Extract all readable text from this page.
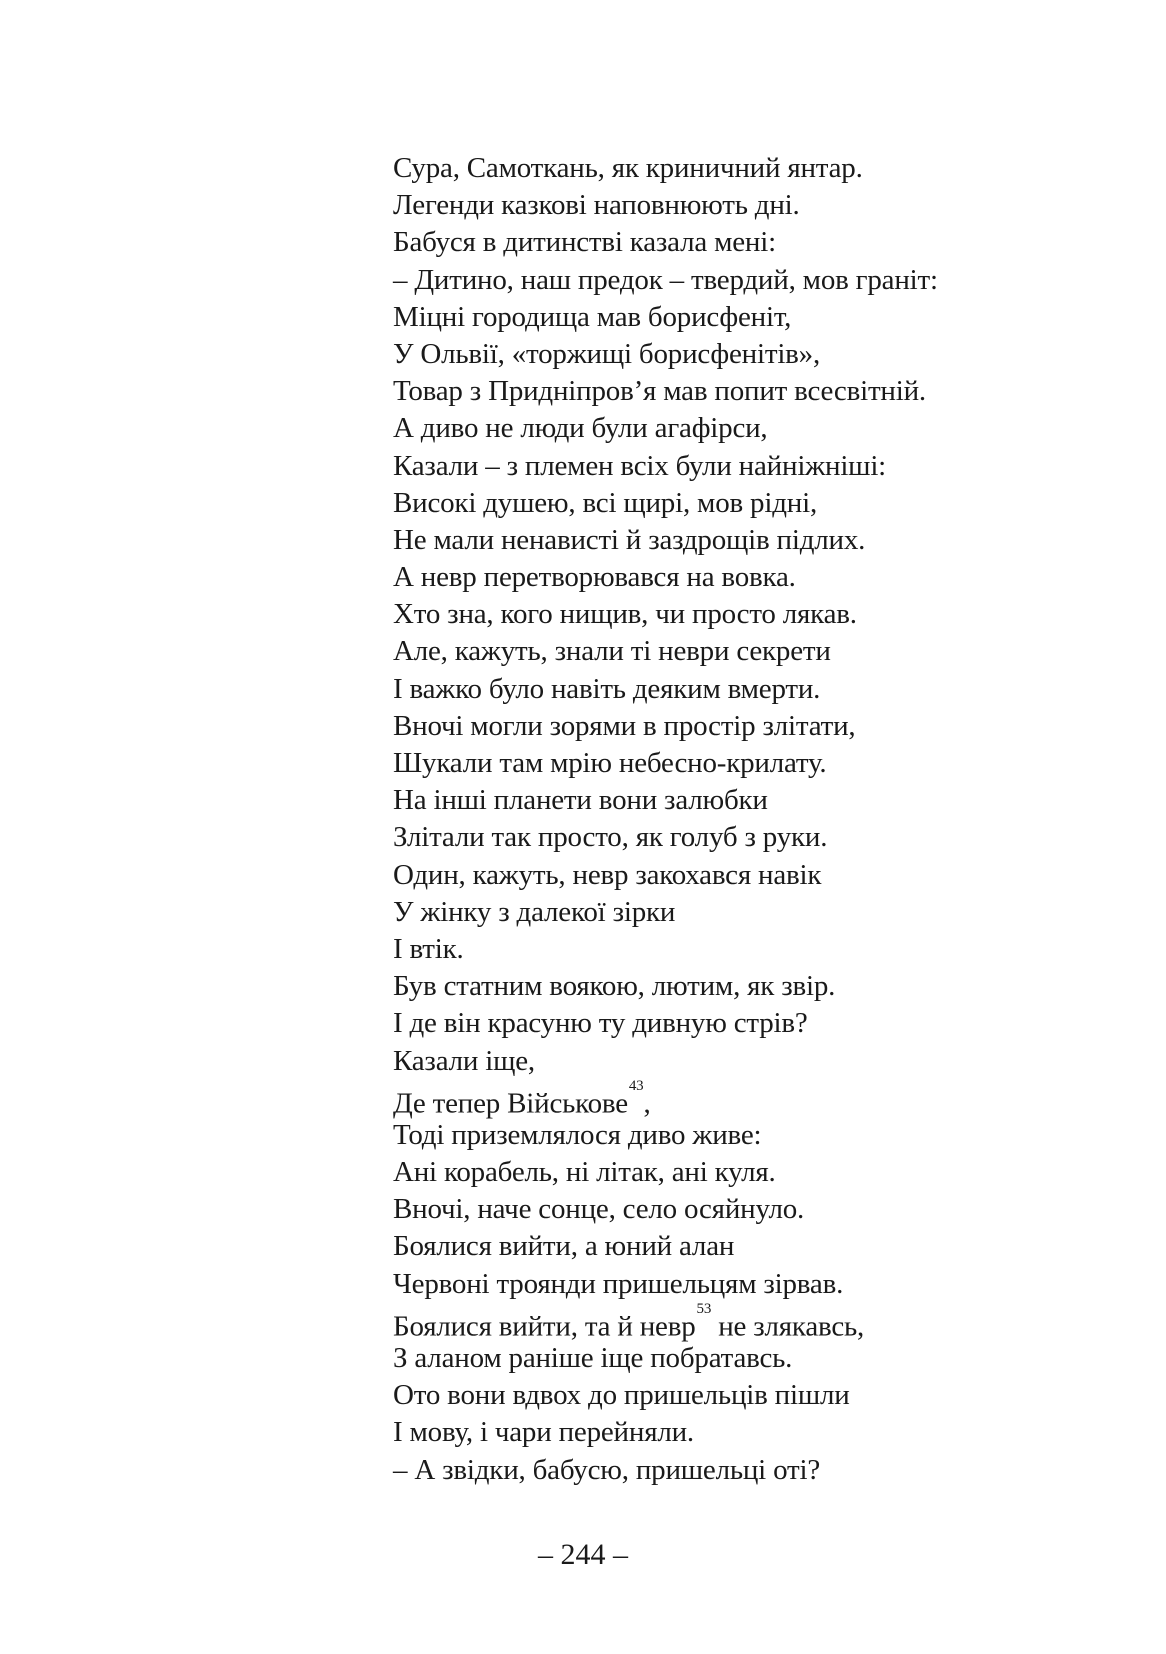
Сура, Самоткань, як криничний янтар.
Легенди казкові наповнюють дні.
Бабуся в дитинстві казала мені:
– Дитино, наш предок – твердий, мов граніт:
Міцні городища мав борисфеніт,
У Ольвії, «торжищі борисфенітів»,
Товар з Придніпров’я мав попит всесвітній.
А диво не люди були агафірси,
Казали – з племен всіх були найніжніші:
Високі душею, всі щирі, мов рідні,
Не мали ненависті й заздрощів підлих.
А невр перетворювався на вовка.
Хто зна, кого нищив, чи просто лякав.
Але, кажуть, знали ті неври секрети
І важко було навіть деяким вмерти.
Вночі могли зорями в простір злітати,
Шукали там мрію небесно-крилату.
На інші планети вони залюбки
Злітали так просто, як голуб з руки.
Один, кажуть, невр закохався навік
У жінку з далекої зірки
І втік.
Був статним воякою, лютим, як звір.
І де він красуню ту дивную стрів?
Казали іще,
Де тепер Військове$^{43}$,
Тоді приземлялося диво живе:
Ані корабель, ні літак, ані куля.
Вночі, наче сонце, село осяйнуло.
Боялися вийти, а юний алан
Червоні троянди пришельцям зірвав.
Боялися вийти, та й невр$^{53}$ не злякавсь,
З аланом раніше іще побратавсь.
Ото вони вдвох до пришельців пішли
І мову, і чари перейняли.
– А звідки, бабусю, пришельці оті?
– 244 –
